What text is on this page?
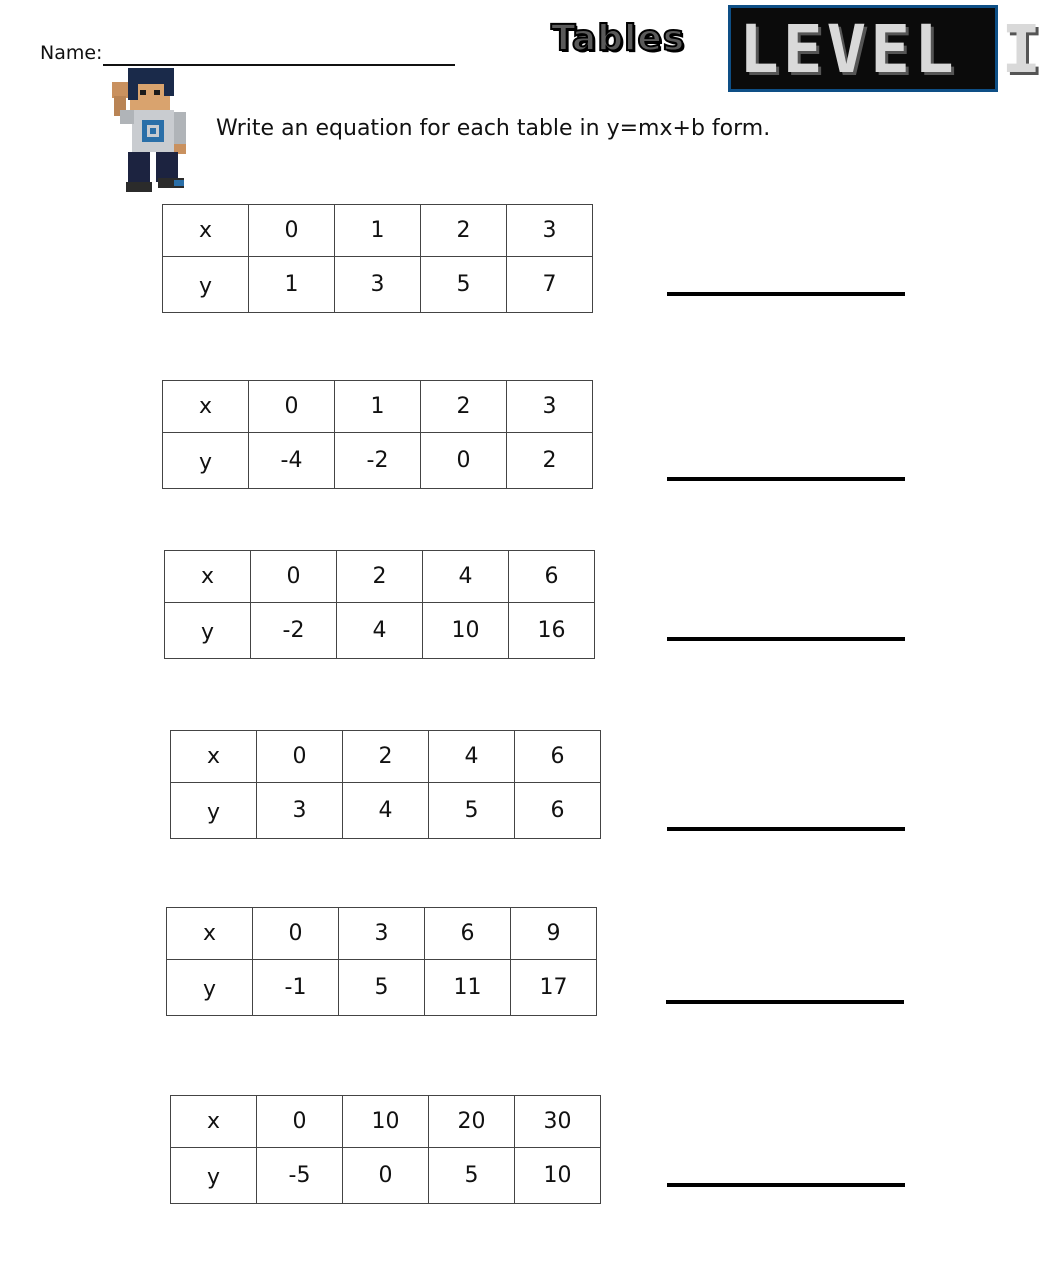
Name:	Tables LEVEL I
Write an equation for each table in y=mx+b form.
x	0	1	2	3
y	1	3	5	7
x	0	1	2	3
y	-4	-2	0	2
x	0	2	4	6
y	-2	4	10	16
x	0	2	4	6
y	3	4	5	6
x	0	3	6	9
y	-1	5	11	17
x	0	10	20	30
y	-5	0	5	10
